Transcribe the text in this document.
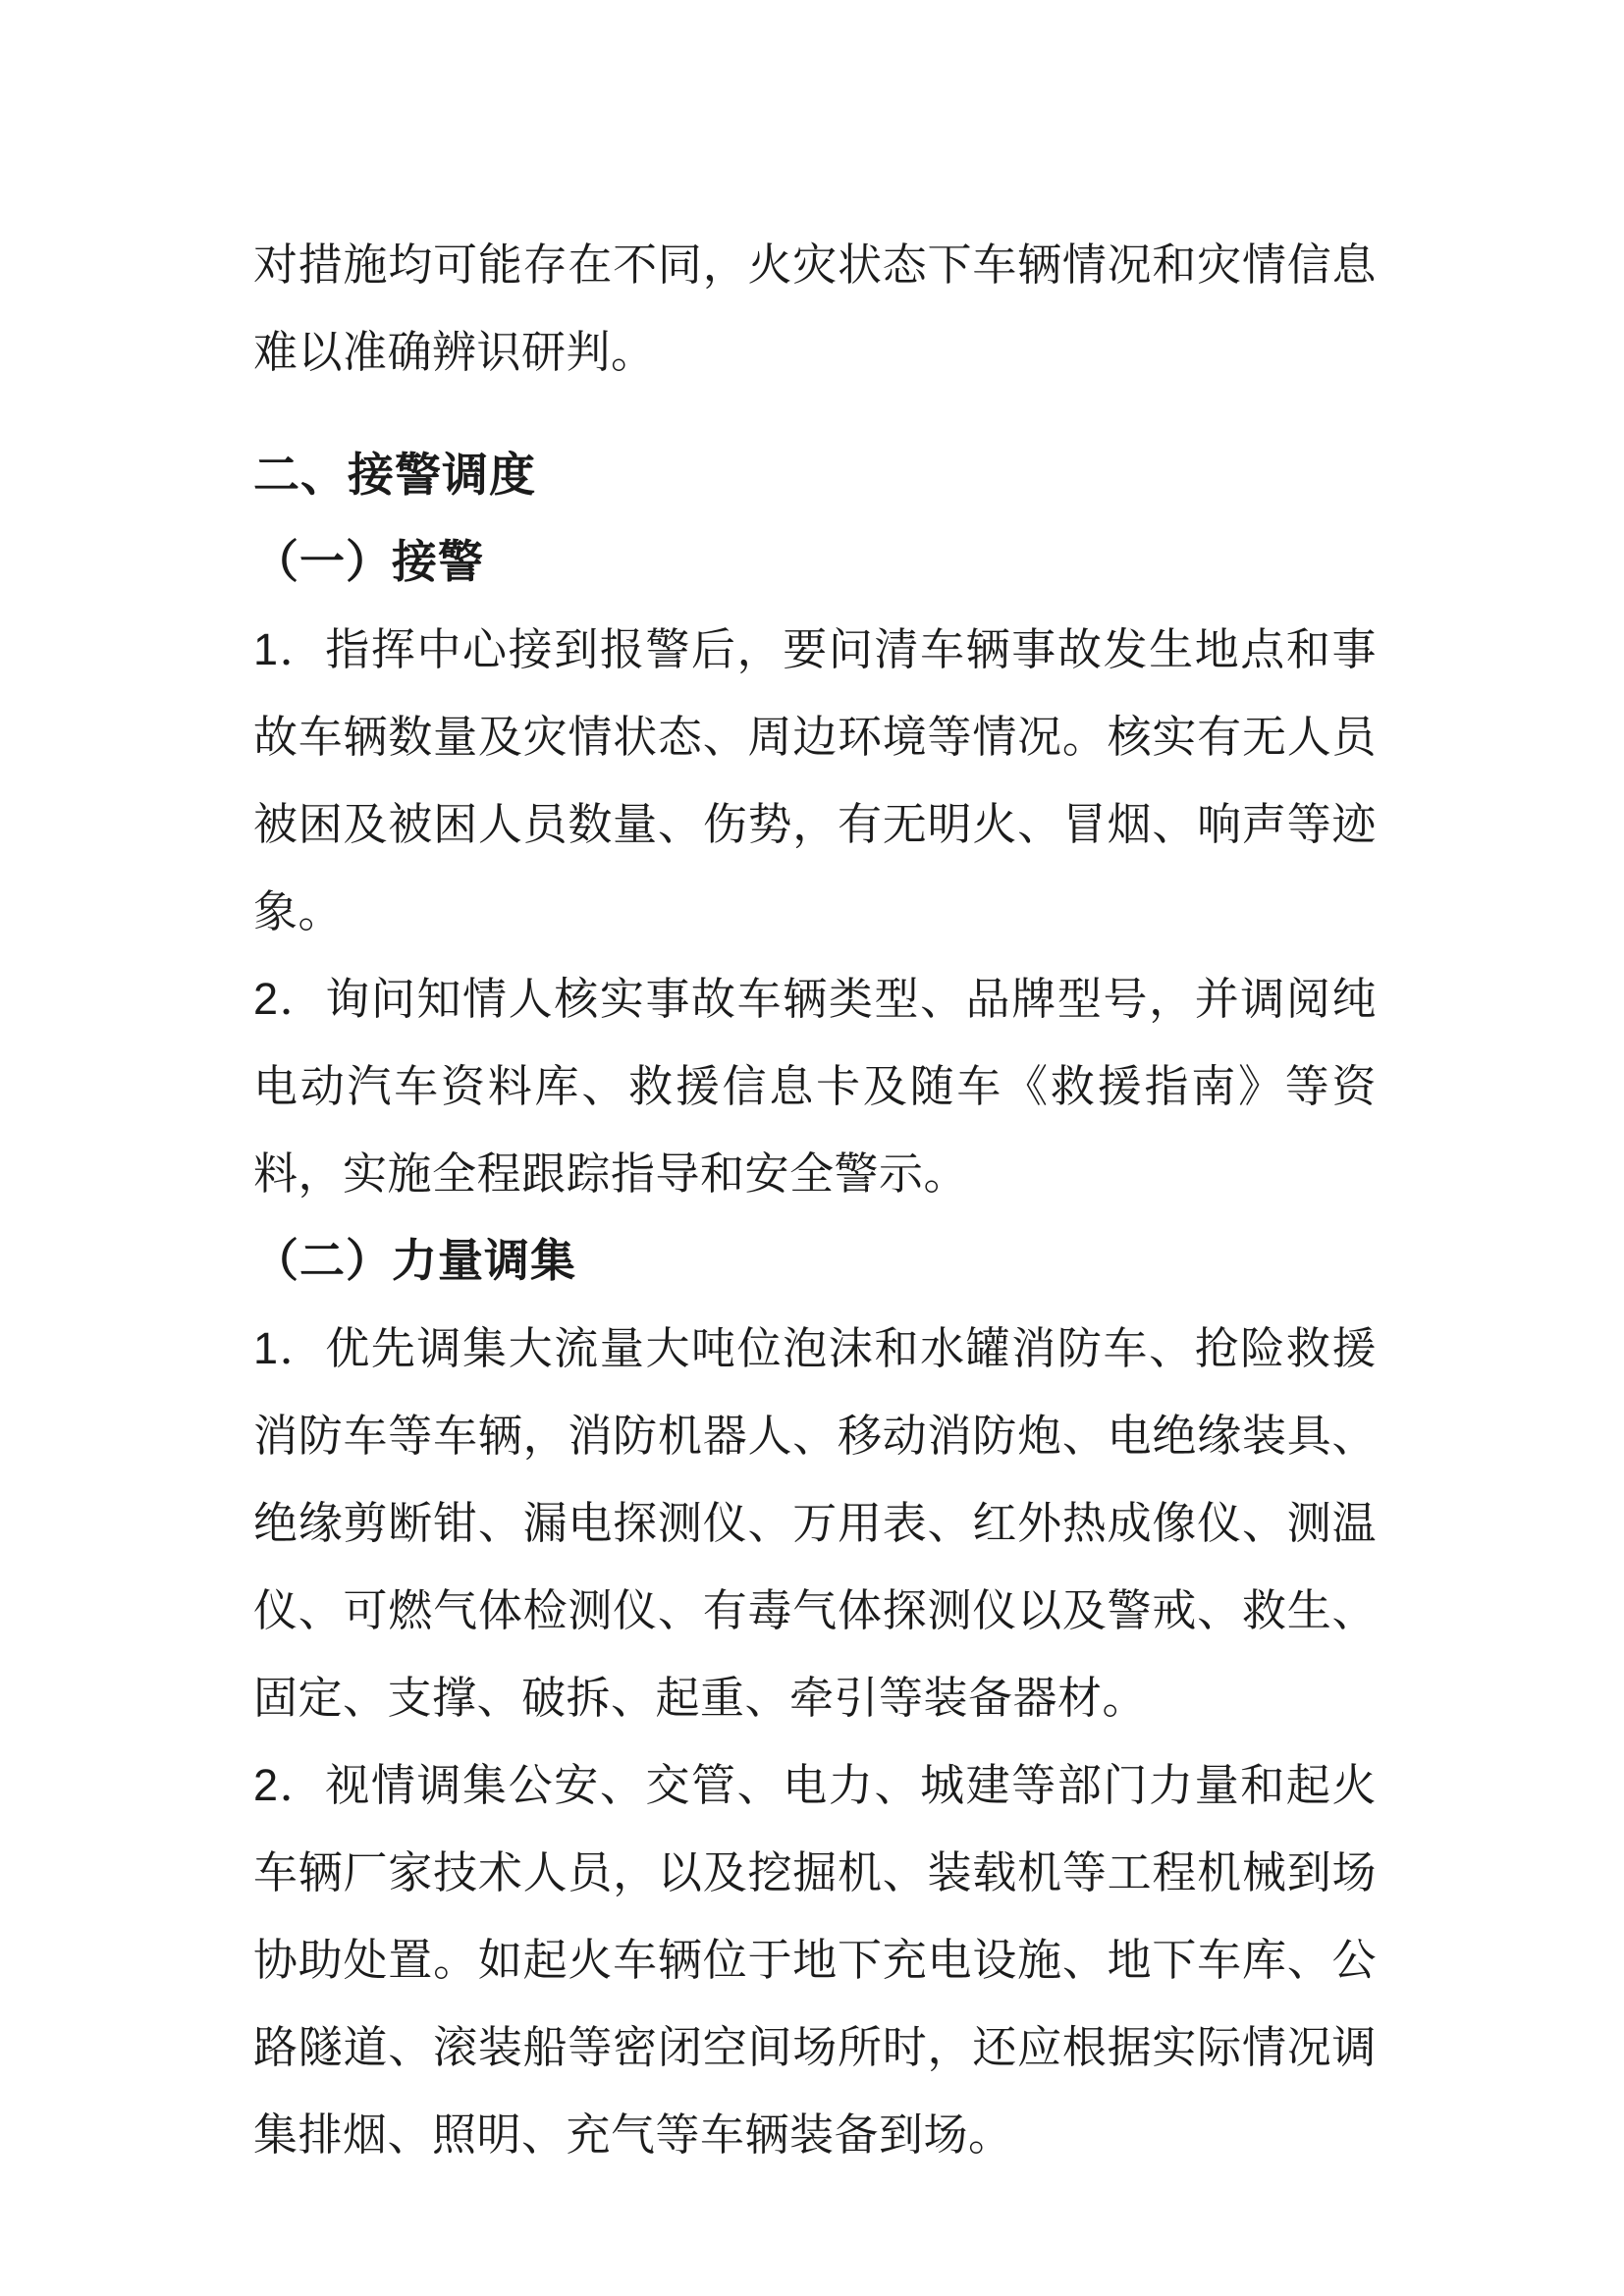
对措施均可能存在不同，火灾状态下车辆情况和灾情信息难以准确辨识研判。

二、接警调度
（一）接警

1．指挥中心接到报警后，要问清车辆事故发生地点和事故车辆数量及灾情状态、周边环境等情况。核实有无人员被困及被困人员数量、伤势，有无明火、冒烟、响声等迹象。

2．询问知情人核实事故车辆类型、品牌型号，并调阅纯电动汽车资料库、救援信息卡及随车《救援指南》等资料，实施全程跟踪指导和安全警示。

（二）力量调集

1．优先调集大流量大吨位泡沫和水罐消防车、抢险救援消防车等车辆，消防机器人、移动消防炮、电绝缘装具、绝缘剪断钳、漏电探测仪、万用表、红外热成像仪、测温仪、可燃气体检测仪、有毒气体探测仪以及警戒、救生、固定、支撑、破拆、起重、牵引等装备器材。

2．视情调集公安、交管、电力、城建等部门力量和起火车辆厂家技术人员，以及挖掘机、装载机等工程机械到场协助处置。如起火车辆位于地下充电设施、地下车库、公路隧道、滚装船等密闭空间场所时，还应根据实际情况调集排烟、照明、充气等车辆装备到场。
